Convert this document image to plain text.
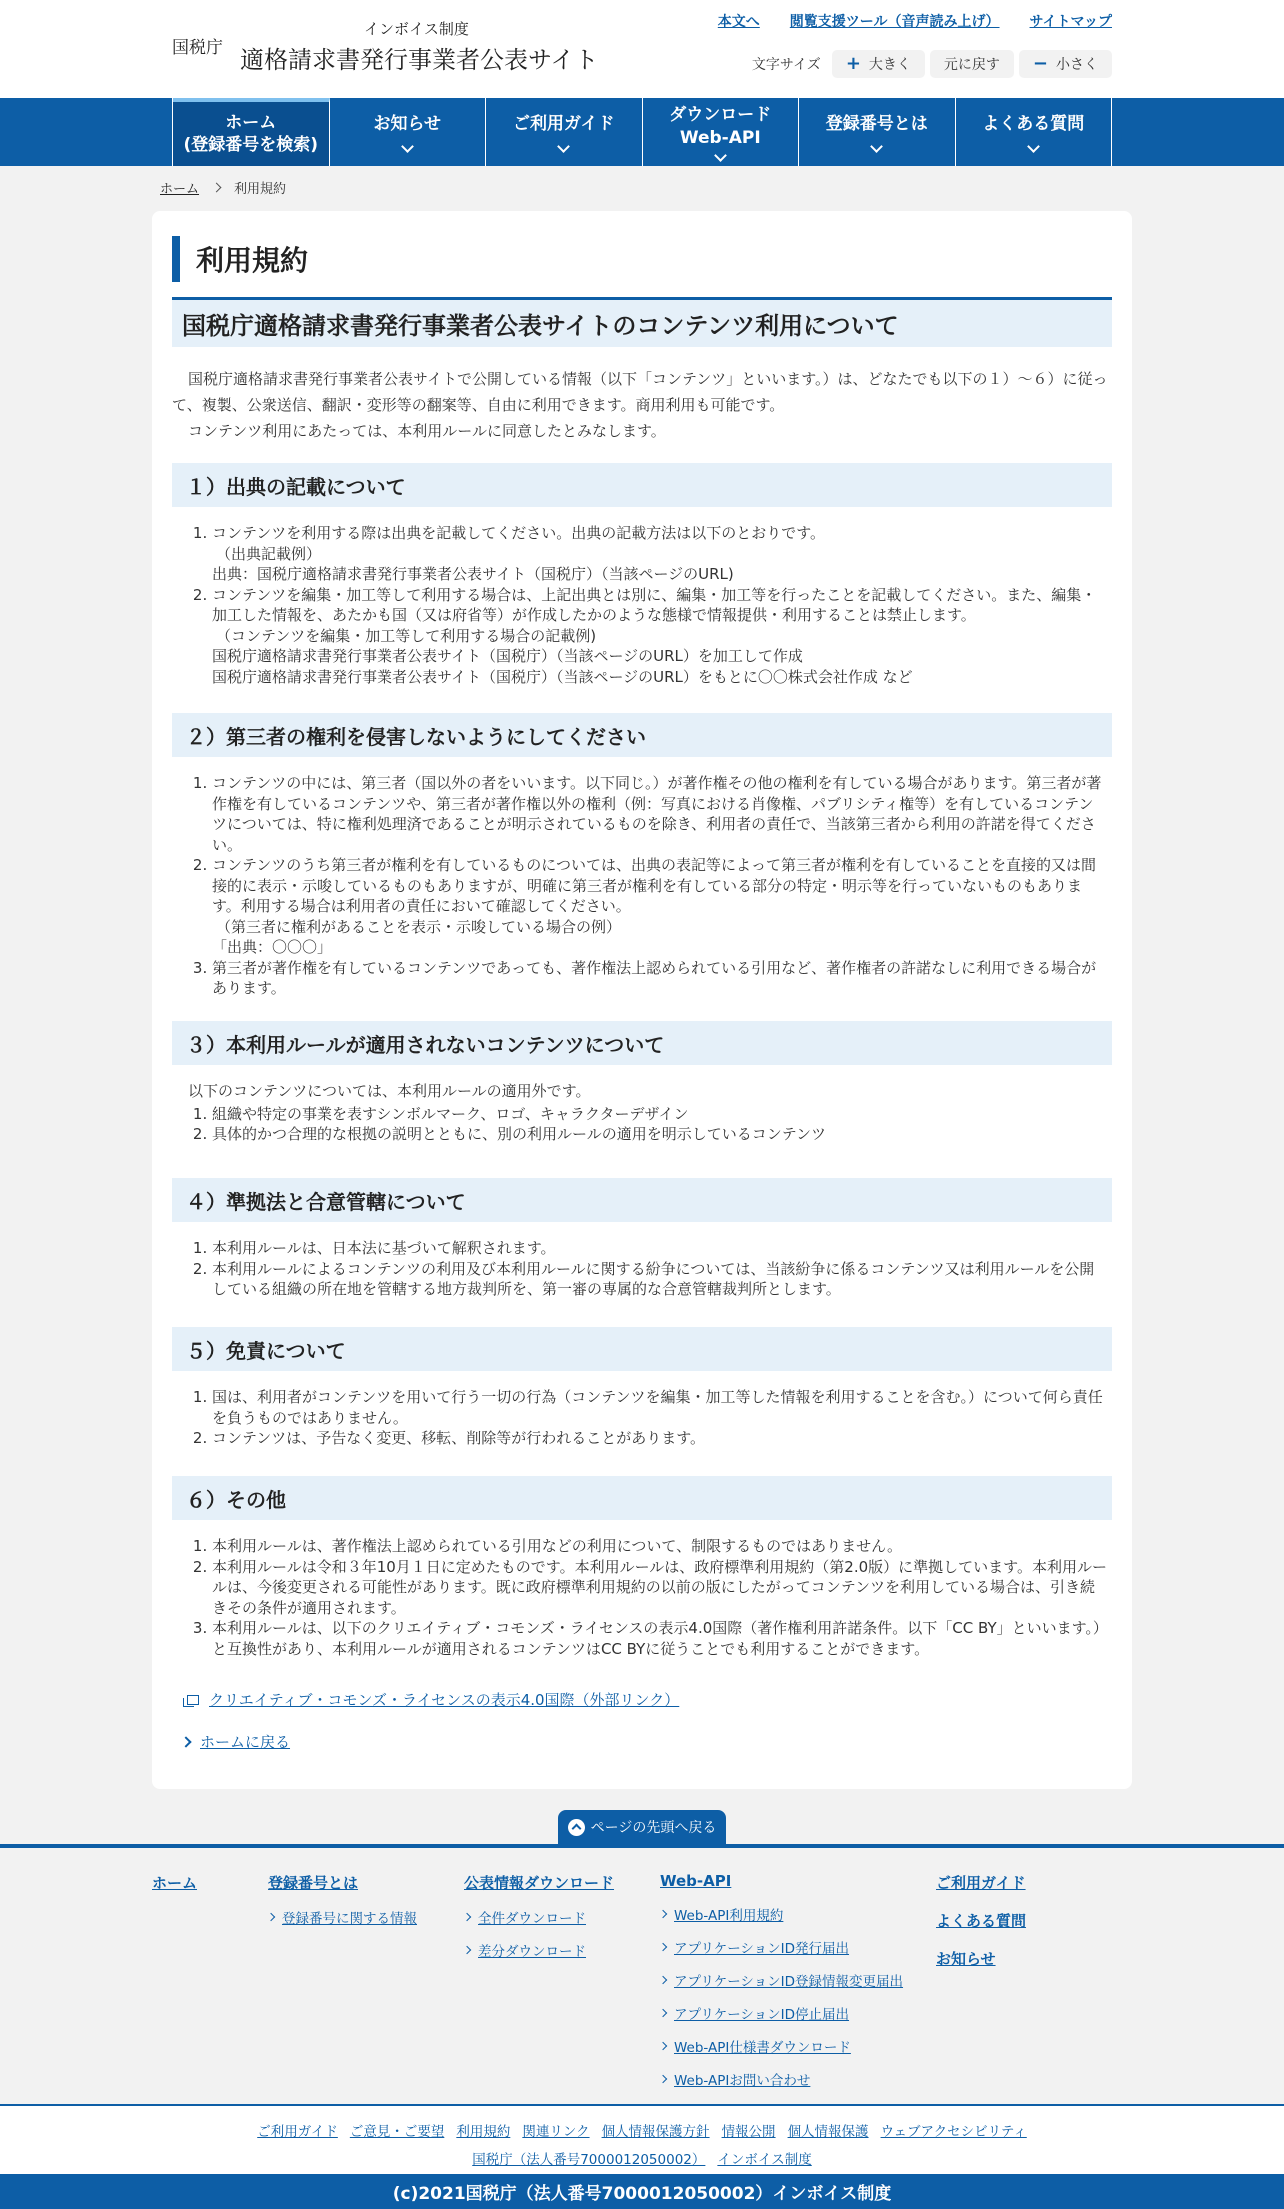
国税庁
インボイス制度
適格請求書発行事業者公表サイト
本文へ 閲覧支援ツール（音声読み上げ） サイトマップ
文字サイズ + 大きく 元に戻す − 小さく
ホーム
(登録番号を検索)
お知らせ	ご利用ガイド	ダウンロード
Web-API
登録番号とは	よくある質問
ホーム	利用規約
利用規約
国税庁適格請求書発行事業者公表サイトのコンテンツ利用について

国税庁適格請求書発行事業者公表サイトで公開している情報（以下「コンテンツ」といいます。）は、どなたでも以下の１）～６）に従って、複製、公衆送信、翻訳・変形等の翻案等、自由に利用できます。商用利用も可能です。

コンテンツ利用にあたっては、本利用ルールに同意したとみなします。

１）出典の記載について
1. コンテンツを利用する際は出典を記載してください。出典の記載方法は以下のとおりです。
（出典記載例）
出典：国税庁適格請求書発行事業者公表サイト（国税庁）（当該ページのURL)
2. コンテンツを編集・加工等して利用する場合は、上記出典とは別に、編集・加工等を行ったことを記載してください。また、編集・加工した情報を、あたかも国（又は府省等）が作成したかのような態様で情報提供・利用することは禁止します。
（コンテンツを編集・加工等して利用する場合の記載例)
国税庁適格請求書発行事業者公表サイト（国税庁）（当該ページのURL）を加工して作成
国税庁適格請求書発行事業者公表サイト（国税庁）（当該ページのURL）をもとに〇〇株式会社作成 など
２）第三者の権利を侵害しないようにしてください
1. コンテンツの中には、第三者（国以外の者をいいます。以下同じ。）が著作権その他の権利を有している場合があります。第三者が著作権を有しているコンテンツや、第三者が著作権以外の権利（例：写真における肖像権、パブリシティ権等）を有しているコンテンツについては、特に権利処理済であることが明示されているものを除き、利用者の責任で、当該第三者から利用の許諾を得てください。
2. コンテンツのうち第三者が権利を有しているものについては、出典の表記等によって第三者が権利を有していることを直接的又は間接的に表示・示唆しているものもありますが、明確に第三者が権利を有している部分の特定・明示等を行っていないものもあります。利用する場合は利用者の責任において確認してください。
（第三者に権利があることを表示・示唆している場合の例）
「出典：〇〇〇」
3. 第三者が著作権を有しているコンテンツであっても、著作権法上認められている引用など、著作権者の許諾なしに利用できる場合があります。
３）本利用ルールが適用されないコンテンツについて
以下のコンテンツについては、本利用ルールの適用外です。
1. 組織や特定の事業を表すシンボルマーク、ロゴ、キャラクターデザイン
2. 具体的かつ合理的な根拠の説明とともに、別の利用ルールの適用を明示しているコンテンツ
４）準拠法と合意管轄について
1. 本利用ルールは、日本法に基づいて解釈されます。
2. 本利用ルールによるコンテンツの利用及び本利用ルールに関する紛争については、当該紛争に係るコンテンツ又は利用ルールを公開している組織の所在地を管轄する地方裁判所を、第一審の専属的な合意管轄裁判所とします。
５）免責について
1. 国は、利用者がコンテンツを用いて行う一切の行為（コンテンツを編集・加工等した情報を利用することを含む。）について何ら責任を負うものではありません。
2. コンテンツは、予告なく変更、移転、削除等が行われることがあります。
６）その他
1. 本利用ルールは、著作権法上認められている引用などの利用について、制限するものではありません。
2. 本利用ルールは令和３年10月１日に定めたものです。本利用ルールは、政府標準利用規約（第2.0版）に準拠しています。本利用ルールは、今後変更される可能性があります。既に政府標準利用規約の以前の版にしたがってコンテンツを利用している場合は、引き続きその条件が適用されます。
3. 本利用ルールは、以下のクリエイティブ・コモンズ・ライセンスの表示4.0国際（著作権利用許諾条件。以下「CC BY」といいます。）と互換性があり、本利用ルールが適用されるコンテンツはCC BYに従うことでも利用することができます。
クリエイティブ・コモンズ・ライセンスの表示4.0国際（外部リンク）
ホームに戻る
ページの先頭へ戻る
ホーム	登録番号とは
登録番号に関する情報
公表情報ダウンロード
全件ダウンロード
差分ダウンロード
Web-API
Web-API利用規約
アプリケーションID発行届出
アプリケーションID登録情報変更届出
アプリケーションID停止届出
Web-API仕様書ダウンロード
Web-APIお問い合わせ
ご利用ガイド
よくある質問
お知らせ
ご利用ガイド ご意見・ご要望 利用規約 関連リンク 個人情報保護方針 情報公開 個人情報保護 ウェブアクセシビリティ
国税庁（法人番号7000012050002） インボイス制度
(c)2021国税庁（法人番号7000012050002）インボイス制度
